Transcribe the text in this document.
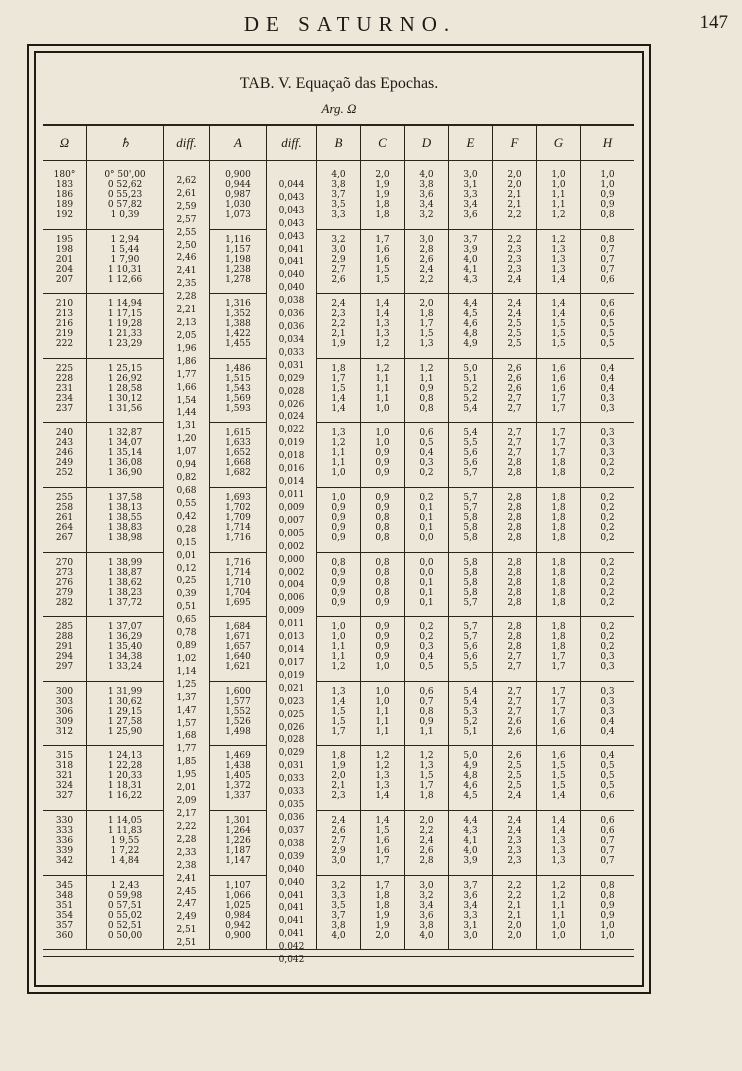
DE SATURNO.	147
TAB. V. Equaçaõ das Epochas.
Arg. Ω
Ω
180°
183
186
189
192
195
198
201
204
207
210
213
216
219
222
225
228
231
234
237
240
243
246
249
252
255
258
261
264
267
270
273
276
279
282
285
288
291
294
297
300
303
306
309
312
315
318
321
324
327
330
333
336
339
342
345
348
351
354
357
360
♄
0° 50',00
0 52,62
0 55,23
0 57,82
1 0,39
1 2,94
1 5,44
1 7,90
1 10,31
1 12,66
1 14,94
1 17,15
1 19,28
1 21,33
1 23,29
1 25,15
1 26,92
1 28,58
1 30,12
1 31,56
1 32,87
1 34,07
1 35,14
1 36,08
1 36,90
1 37,58
1 38,13
1 38,55
1 38,83
1 38,98
1 38,99
1 38,87
1 38,62
1 38,23
1 37,72
1 37,07
1 36,29
1 35,40
1 34,38
1 33,24
1 31,99
1 30,62
1 29,15
1 27,58
1 25,90
1 24,13
1 22,28
1 20,33
1 18,31
1 16,22
1 14,05
1 11,83
1 9,55
1 7,22
1 4,84
1 2,43
0 59,98
0 57,51
0 55,02
0 52,51
0 50,00
diff.
2,62
2,61
2,59
2,57
2,55
2,50
2,46
2,41
2,35
2,28
2,21
2,13
2,05
1,96
1,86
1,77
1,66
1,54
1,44
1,31
1,20
1,07
0,94
0,82
0,68
0,55
0,42
0,28
0,15
0,01
0,12
0,25
0,39
0,51
0,65
0,78
0,89
1,02
1,14
1,25
1,37
1,47
1,57
1,68
1,77
1,85
1,95
2,01
2,09
2,17
2,22
2,28
2,33
2,38
2,41
2,45
2,47
2,49
2,51
2,51
A
0,900
0,944
0,987
1,030
1,073
1,116
1,157
1,198
1,238
1,278
1,316
1,352
1,388
1,422
1,455
1,486
1,515
1,543
1,569
1,593
1,615
1,633
1,652
1,668
1,682
1,693
1,702
1,709
1,714
1,716
1,716
1,714
1,710
1,704
1,695
1,684
1,671
1,657
1,640
1,621
1,600
1,577
1,552
1,526
1,498
1,469
1,438
1,405
1,372
1,337
1,301
1,264
1,226
1,187
1,147
1,107
1,066
1,025
0,984
0,942
0,900
diff.
0,044
0,043
0,043
0,043
0,043
0,041
0,041
0,040
0,040
0,038
0,036
0,036
0,034
0,033
0,031
0,029
0,028
0,026
0,024
0,022
0,019
0,018
0,016
0,014
0,011
0,009
0,007
0,005
0,002
0,000
0,002
0,004
0,006
0,009
0,011
0,013
0,014
0,017
0,019
0,021
0,023
0,025
0,026
0,028
0,029
0,031
0,033
0,033
0,035
0,036
0,037
0,038
0,039
0,040
0,040
0,041
0,041
0,041
0,041
0,042
0,042
B
4,0
3,8
3,7
3,5
3,3
3,2
3,0
2,9
2,7
2,6
2,4
2,3
2,2
2,1
1,9
1,8
1,7
1,5
1,4
1,4
1,3
1,2
1,1
1,1
1,0
1,0
0,9
0,9
0,9
0,9
0,8
0,9
0,9
0,9
0,9
1,0
1,0
1,1
1,1
1,2
1,3
1,4
1,5
1,5
1,7
1,8
1,9
2,0
2,1
2,3
2,4
2,6
2,7
2,9
3,0
3,2
3,3
3,5
3,7
3,8
4,0
C
2,0
1,9
1,9
1,8
1,8
1,7
1,6
1,6
1,5
1,5
1,4
1,4
1,3
1,3
1,2
1,2
1,1
1,1
1,1
1,0
1,0
1,0
0,9
0,9
0,9
0,9
0,9
0,8
0,8
0,8
0,8
0,8
0,8
0,8
0,9
0,9
0,9
0,9
0,9
1,0
1,0
1,0
1,1
1,1
1,1
1,2
1,2
1,3
1,3
1,4
1,4
1,5
1,6
1,6
1,7
1,7
1,8
1,8
1,9
1,9
2,0
D
4,0
3,8
3,6
3,4
3,2
3,0
2,8
2,6
2,4
2,2
2,0
1,8
1,7
1,5
1,3
1,2
1,1
0,9
0,8
0,8
0,6
0,5
0,4
0,3
0,2
0,2
0,1
0,1
0,1
0,0
0,0
0,0
0,1
0,1
0,1
0,2
0,2
0,3
0,4
0,5
0,6
0,7
0,8
0,9
1,1
1,2
1,3
1,5
1,7
1,8
2,0
2,2
2,4
2,6
2,8
3,0
3,2
3,4
3,6
3,8
4,0
E
3,0
3,1
3,3
3,4
3,6
3,7
3,9
4,0
4,1
4,3
4,4
4,5
4,6
4,8
4,9
5,0
5,1
5,2
5,2
5,4
5,4
5,5
5,6
5,6
5,7
5,7
5,7
5,8
5,8
5,8
5,8
5,8
5,8
5,8
5,7
5,7
5,7
5,6
5,6
5,5
5,4
5,4
5,3
5,2
5,1
5,0
4,9
4,8
4,6
4,5
4,4
4,3
4,1
4,0
3,9
3,7
3,6
3,4
3,3
3,1
3,0
F
2,0
2,0
2,1
2,1
2,2
2,2
2,3
2,3
2,3
2,4
2,4
2,4
2,5
2,5
2,5
2,6
2,6
2,6
2,7
2,7
2,7
2,7
2,7
2,8
2,8
2,8
2,8
2,8
2,8
2,8
2,8
2,8
2,8
2,8
2,8
2,8
2,8
2,8
2,7
2,7
2,7
2,7
2,7
2,6
2,6
2,6
2,5
2,5
2,5
2,4
2,4
2,4
2,3
2,3
2,3
2,2
2,2
2,1
2,1
2,0
2,0
G
1,0
1,0
1,1
1,1
1,2
1,2
1,3
1,3
1,3
1,4
1,4
1,4
1,5
1,5
1,5
1,6
1,6
1,6
1,7
1,7
1,7
1,7
1,7
1,8
1,8
1,8
1,8
1,8
1,8
1,8
1,8
1,8
1,8
1,8
1,8
1,8
1,8
1,8
1,7
1,7
1,7
1,7
1,7
1,6
1,6
1,6
1,5
1,5
1,5
1,4
1,4
1,4
1,3
1,3
1,3
1,2
1,2
1,1
1,1
1,0
1,0
H
1,0
1,0
0,9
0,9
0,8
0,8
0,7
0,7
0,7
0,6
0,6
0,6
0,5
0,5
0,5
0,4
0,4
0,4
0,3
0,3
0,3
0,3
0,3
0,2
0,2
0,2
0,2
0,2
0,2
0,2
0,2
0,2
0,2
0,2
0,2
0,2
0,2
0,2
0,3
0,3
0,3
0,3
0,3
0,4
0,4
0,4
0,5
0,5
0,5
0,6
0,6
0,6
0,7
0,7
0,7
0,8
0,8
0,9
0,9
1,0
1,0
